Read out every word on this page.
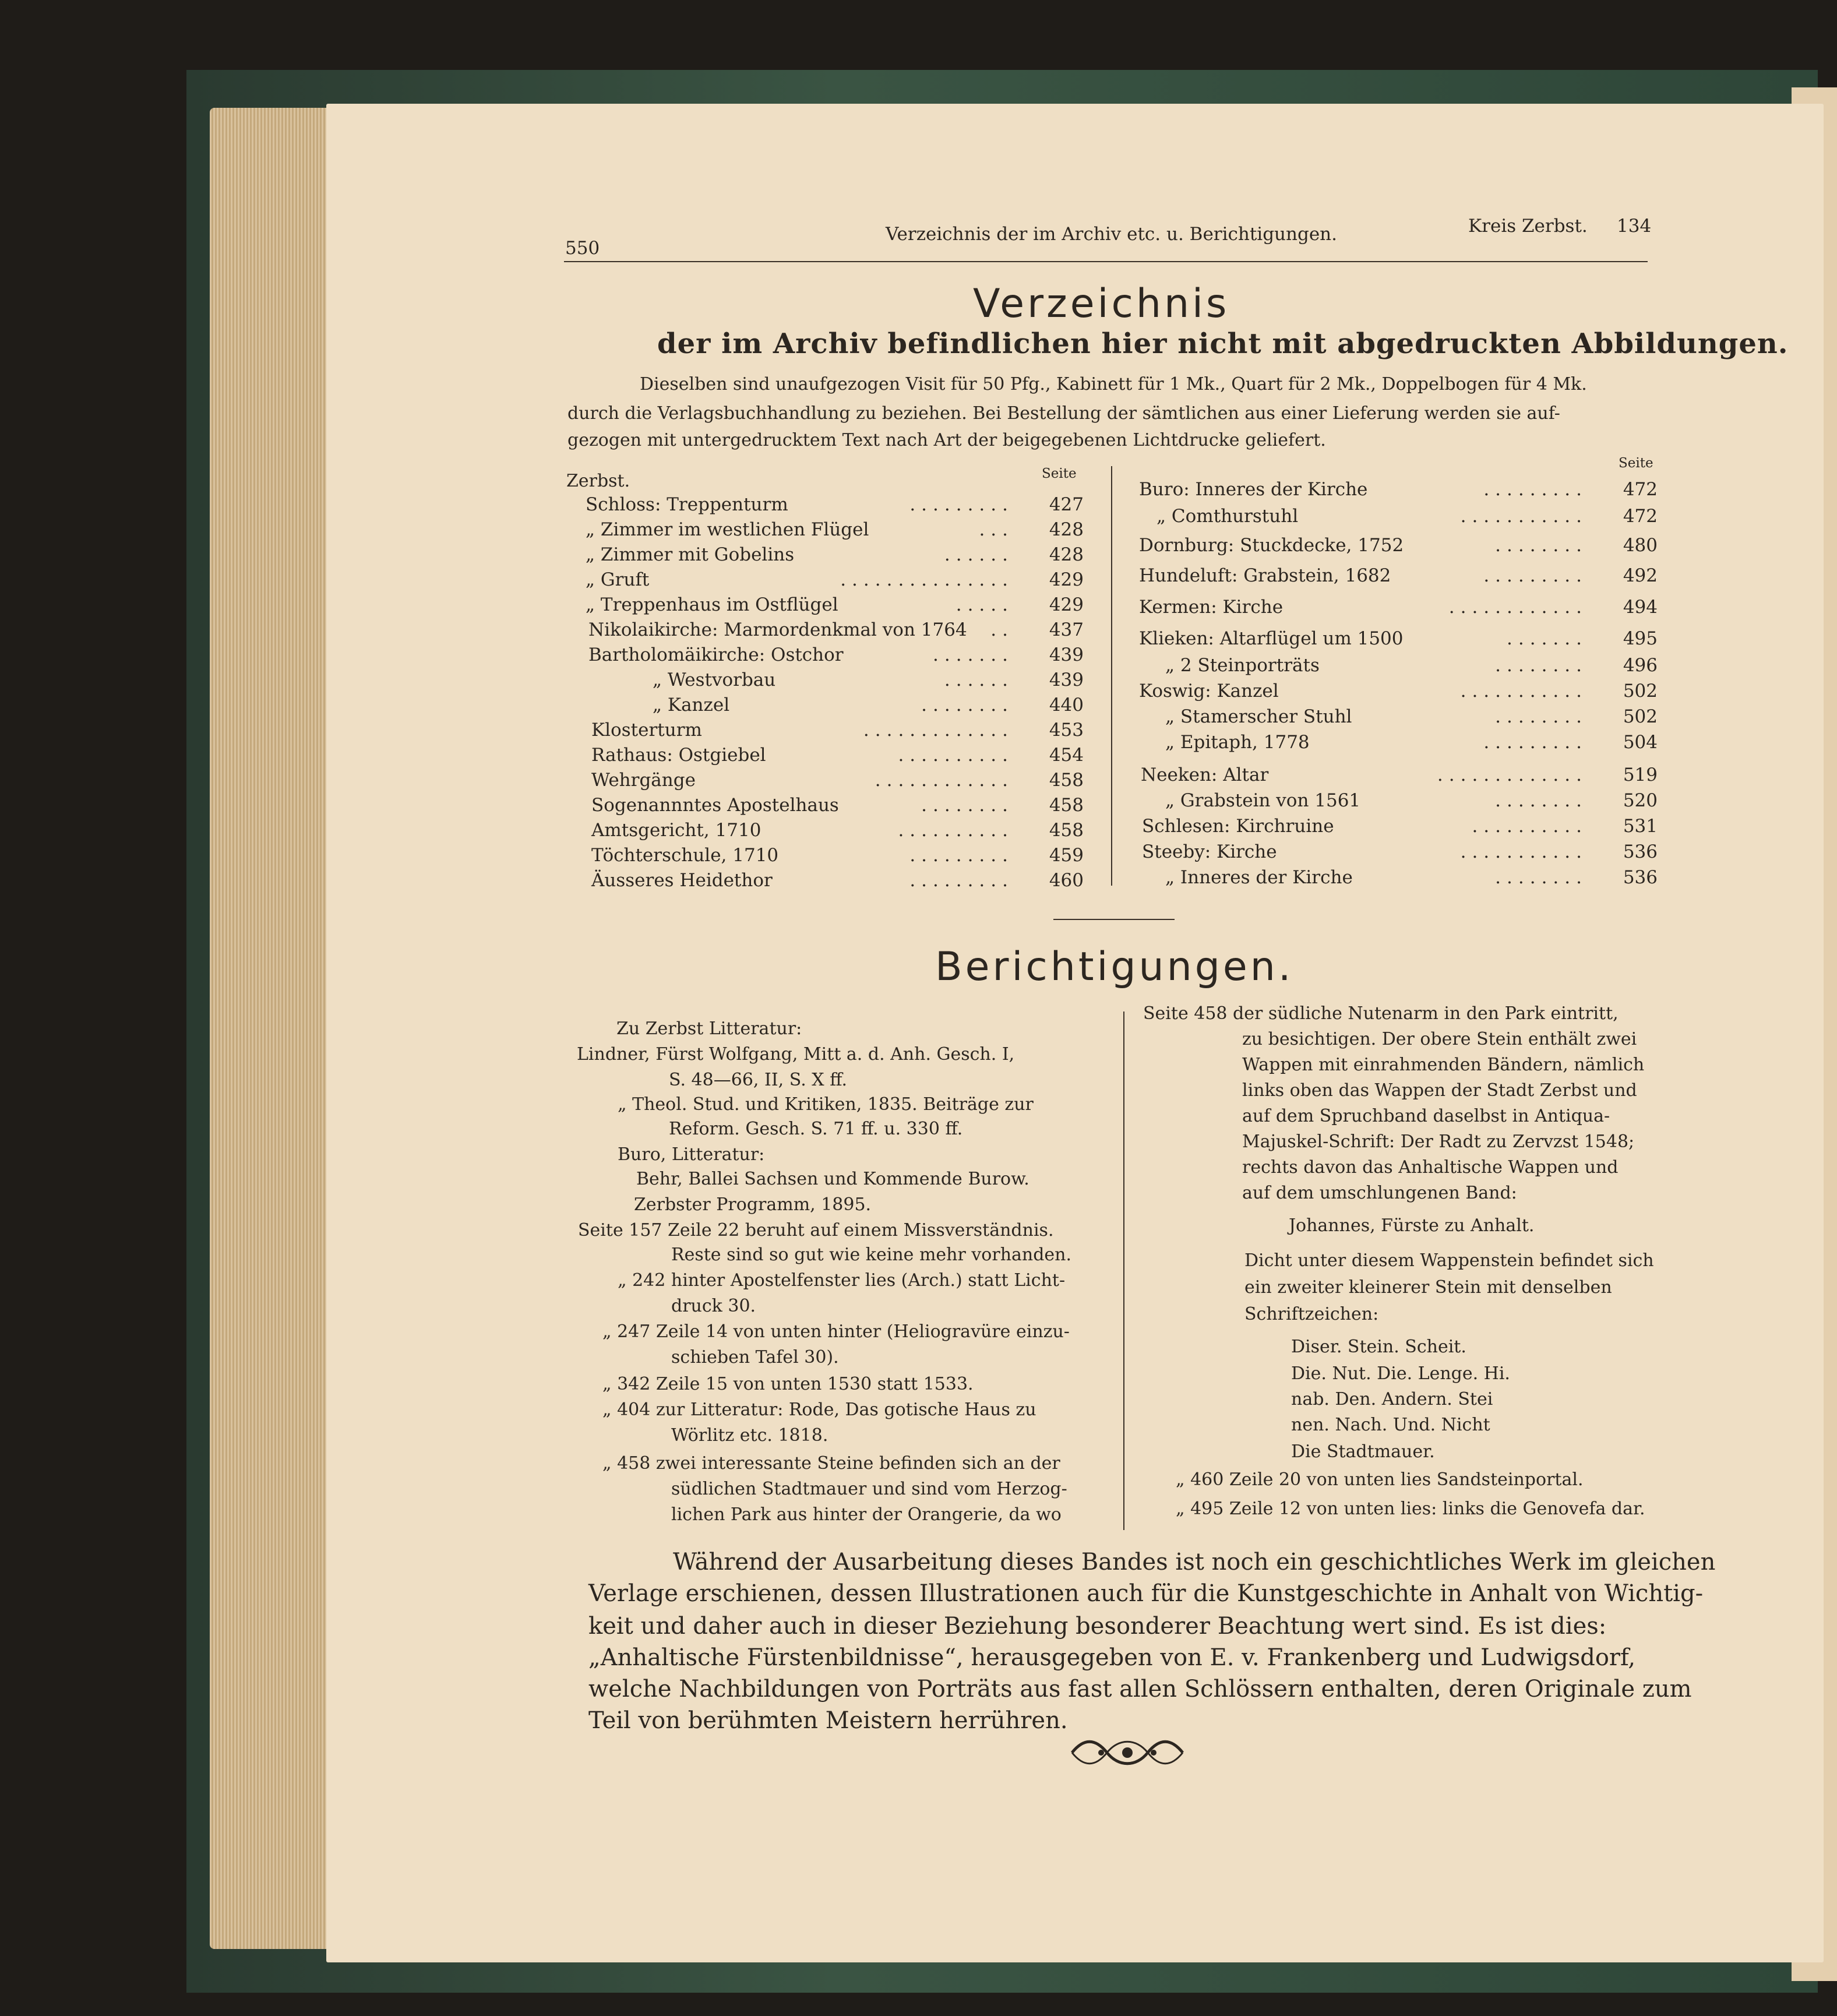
550
Verzeichnis der im Archiv etc. u. Berichtigungen.	Kreis Zerbst. 134
Verzeichnis
der im Archiv befindlichen hier nicht mit abgedruckten Abbildungen.
Dieselben sind unaufgezogen Visit für 50 Pfg., Kabinett für 1 Mk., Quart für 2 Mk., Doppelbogen für 4 Mk.
durch die Verlagsbuchhandlung zu beziehen. Bei Bestellung der sämtlichen aus einer Lieferung werden sie auf-
gezogen mit untergedrucktem Text nach Art der beigegebenen Lichtdrucke geliefert.
Seite
Zerbst.
Schloss: Treppenturm	......... 427
„ Zimmer im westlichen Flügel	... 428
„ Zimmer mit Gobelins	...... 428
„ Gruft	............... 429
„ Treppenhaus im Ostflügel	..... 429
Nikolaikirche: Marmordenkmal von 1764 .. 437
Bartholomäikirche: Ostchor	....... 439
„ Westvorbau	...... 439
„ Kanzel	........ 440
Klosterturm	............. 453
Rathaus: Ostgiebel	.......... 454
Wehrgänge	............ 458
Sogenannntes Apostelhaus	........ 458
Amtsgericht, 1710	.......... 458
Töchterschule, 1710	......... 459
Äusseres Heidethor	......... 460
Seite
Buro: Inneres der Kirche	......... 472
„ Comthurstuhl	........... 472
Dornburg: Stuckdecke, 1752	........ 480
Hundeluft: Grabstein, 1682	......... 492
Kermen: Kirche	............ 494
Klieken: Altarflügel um 1500	....... 495
„ 2 Steinporträts	........ 496
Koswig: Kanzel	........... 502
„ Stamerscher Stuhl	........ 502
„ Epitaph, 1778	......... 504
Neeken: Altar	............. 519
„ Grabstein von 1561	........ 520
Schlesen: Kirchruine	.......... 531
Steeby: Kirche	........... 536
„ Inneres der Kirche	........ 536
Berichtigungen.
Zu Zerbst Litteratur:
Lindner, Fürst Wolfgang, Mitt a. d. Anh. Gesch. I,
S. 48—66, II, S. X ff.
„ Theol. Stud. und Kritiken, 1835. Beiträge zur
Reform. Gesch. S. 71 ff. u. 330 ff.
Buro, Litteratur:
Behr, Ballei Sachsen und Kommende Burow.
Zerbster Programm, 1895.
Seite 157 Zeile 22 beruht auf einem Missverständnis.
Reste sind so gut wie keine mehr vorhanden.
„ 242 hinter Apostelfenster lies (Arch.) statt Licht-
druck 30.
„ 247 Zeile 14 von unten hinter (Heliogravüre einzu-
schieben Tafel 30).
„ 342 Zeile 15 von unten 1530 statt 1533.
„ 404 zur Litteratur: Rode, Das gotische Haus zu
Wörlitz etc. 1818.
„ 458 zwei interessante Steine befinden sich an der
südlichen Stadtmauer und sind vom Herzog-
lichen Park aus hinter der Orangerie, da wo
Seite 458 der südliche Nutenarm in den Park eintritt,
zu besichtigen. Der obere Stein enthält zwei
Wappen mit einrahmenden Bändern, nämlich
links oben das Wappen der Stadt Zerbst und
auf dem Spruchband daselbst in Antiqua-
Majuskel-Schrift: Der Radt zu Zervzst 1548;
rechts davon das Anhaltische Wappen und
auf dem umschlungenen Band:
Johannes, Fürste zu Anhalt.
Dicht unter diesem Wappenstein befindet sich
ein zweiter kleinerer Stein mit denselben
Schriftzeichen:
Diser. Stein. Scheit.
Die. Nut. Die. Lenge. Hi.
nab. Den. Andern. Stei
nen. Nach. Und. Nicht
Die Stadtmauer.
„ 460 Zeile 20 von unten lies Sandsteinportal.
„ 495 Zeile 12 von unten lies: links die Genovefa dar.
Während der Ausarbeitung dieses Bandes ist noch ein geschichtliches Werk im gleichen
Verlage erschienen, dessen Illustrationen auch für die Kunstgeschichte in Anhalt von Wichtig-
keit und daher auch in dieser Beziehung besonderer Beachtung wert sind. Es ist dies:
„Anhaltische Fürstenbildnisse“, herausgegeben von E. v. Frankenberg und Ludwigsdorf,
welche Nachbildungen von Porträts aus fast allen Schlössern enthalten, deren Originale zum
Teil von berühmten Meistern herrühren.
